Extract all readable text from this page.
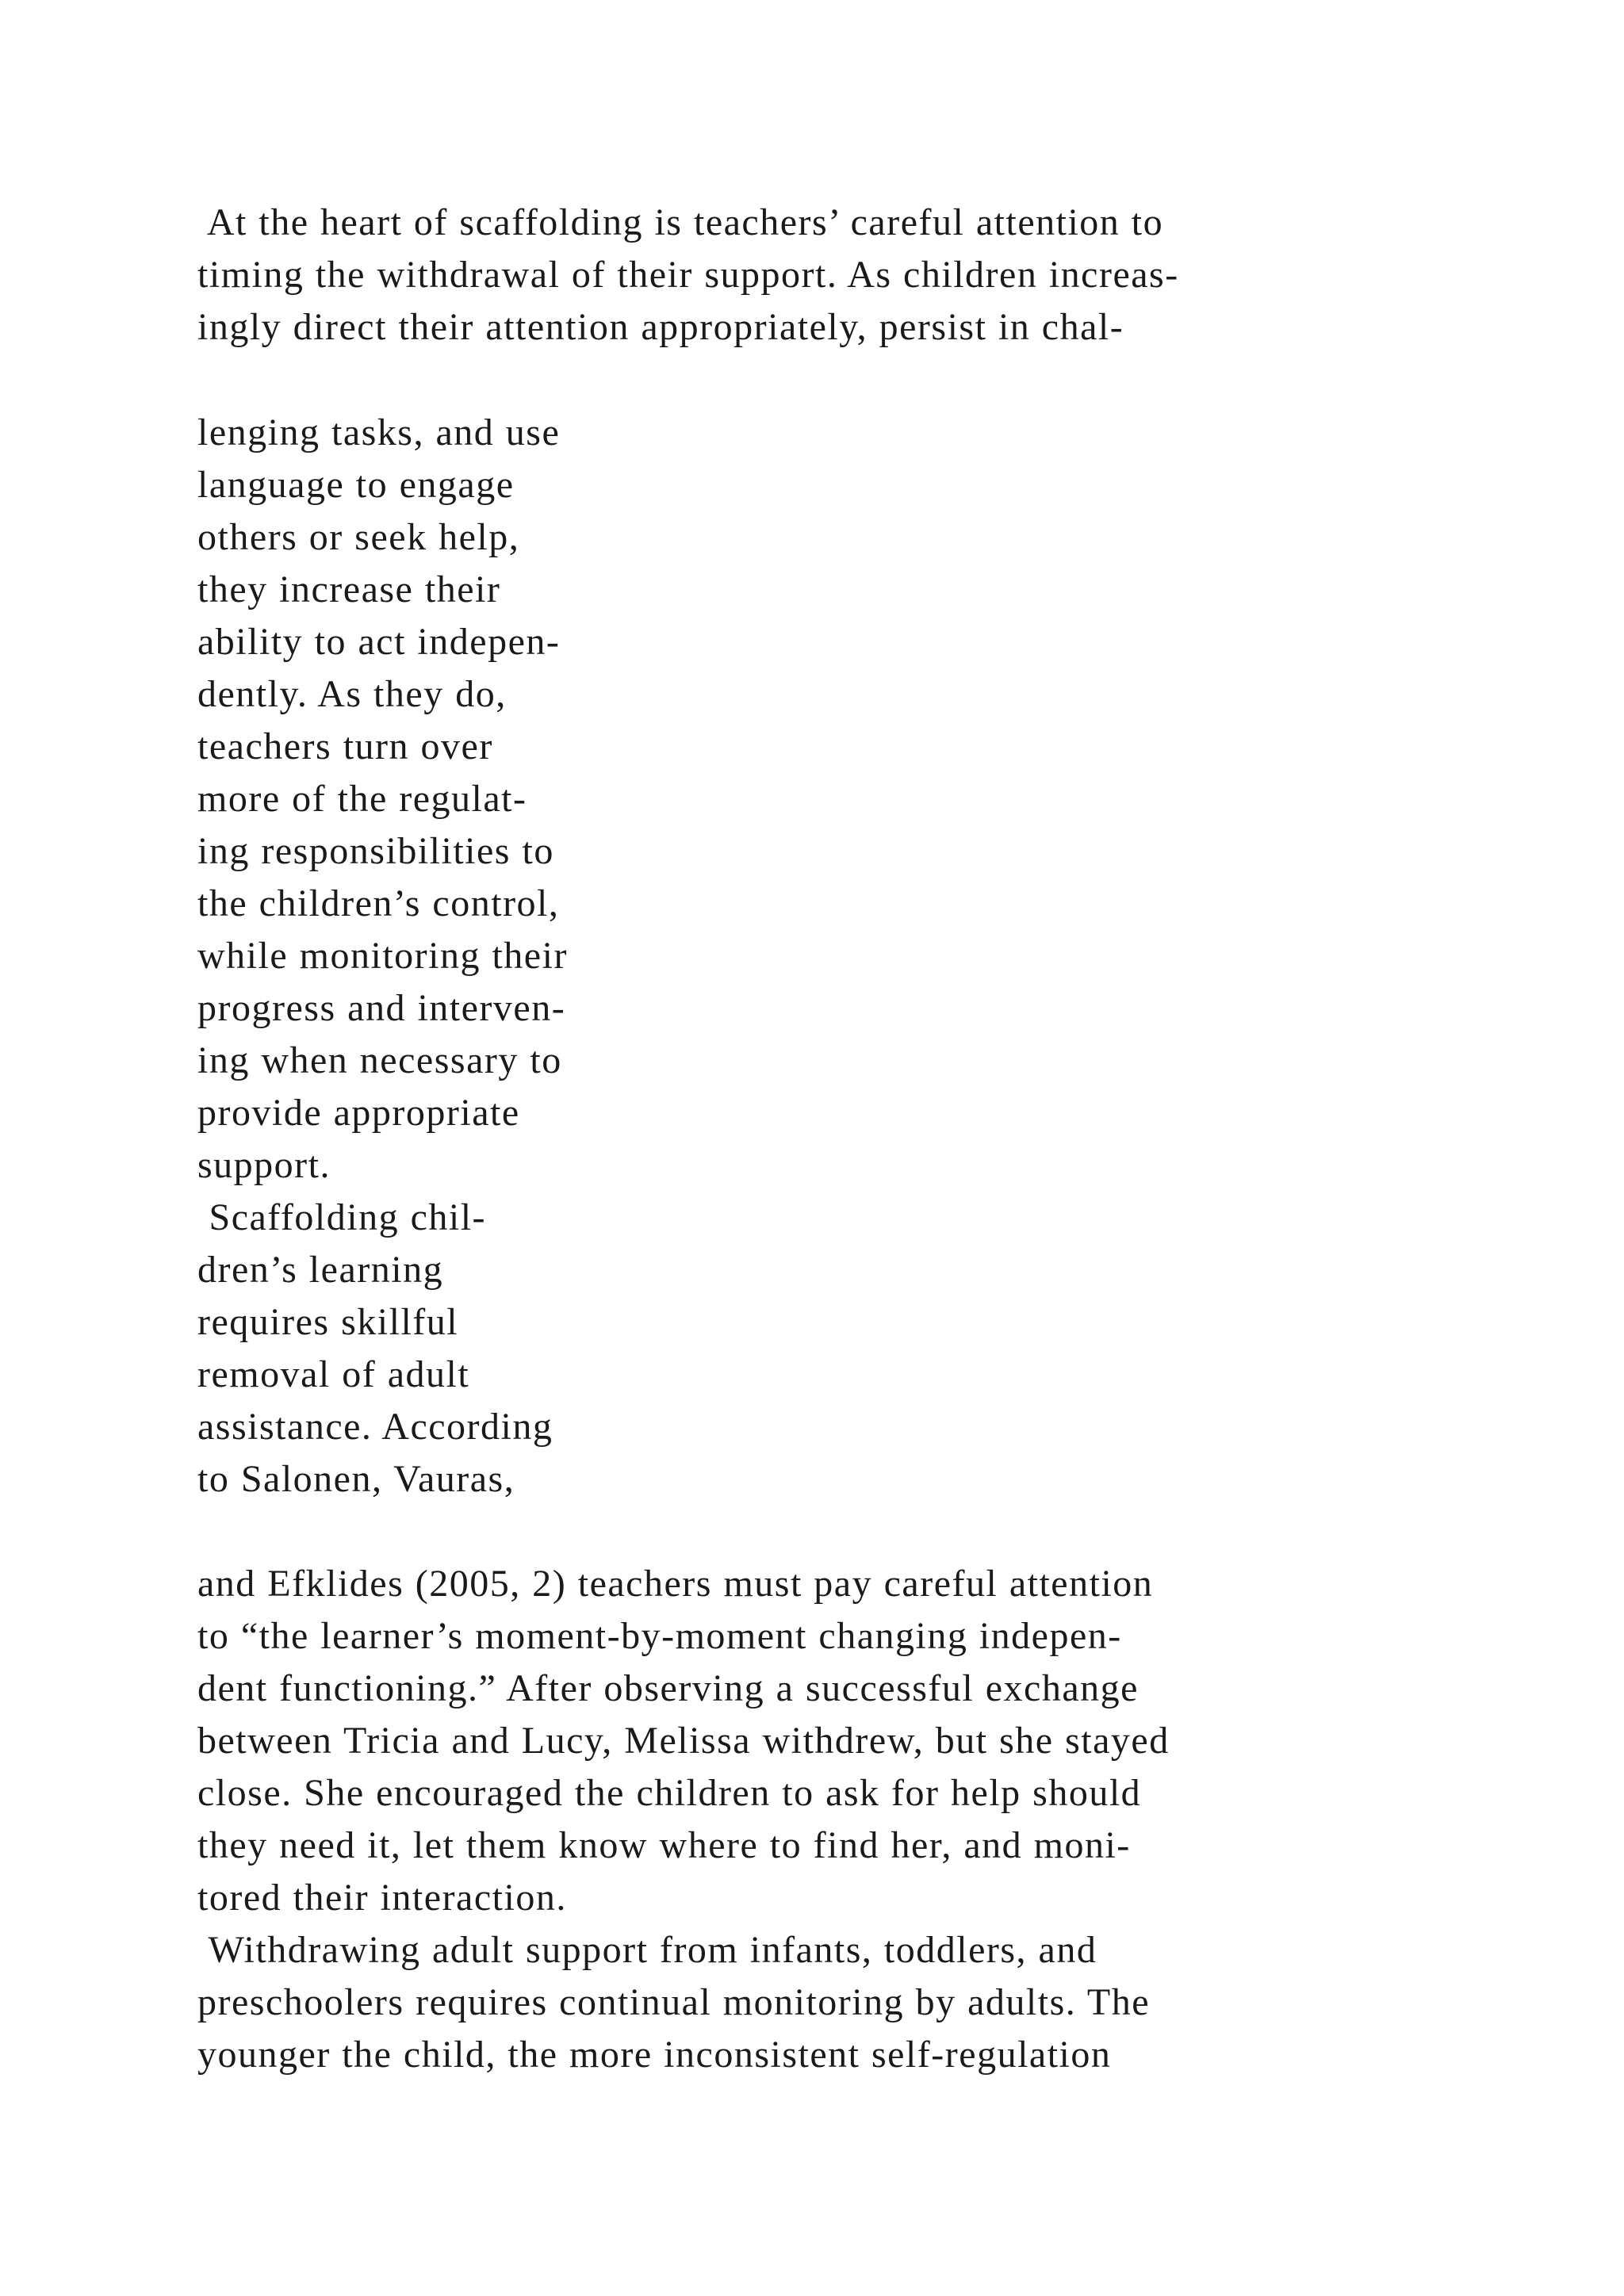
At the heart of scaffolding is teachers’ careful attention to
timing the withdrawal of their support. As children increas-
ingly direct their attention appropriately, persist in chal-

lenging tasks, and use
language to engage
others or seek help,
they increase their
ability to act indepen-
dently. As they do,
teachers turn over
more of the regulat-
ing responsibilities to
the children’s control,
while monitoring their
progress and interven-
ing when necessary to
provide appropriate
support.
Scaffolding chil-
dren’s learning
requires skillful
removal of adult
assistance. According
to Salonen, Vauras,

and Efklides (2005, 2) teachers must pay careful attention
to “the learner’s moment-by-moment changing indepen-
dent functioning.” After observing a successful exchange
between Tricia and Lucy, Melissa withdrew, but she stayed
close. She encouraged the children to ask for help should
they need it, let them know where to find her, and moni-
tored their interaction.
Withdrawing adult support from infants, toddlers, and
preschoolers requires continual monitoring by adults. The
younger the child, the more inconsistent self-regulation
